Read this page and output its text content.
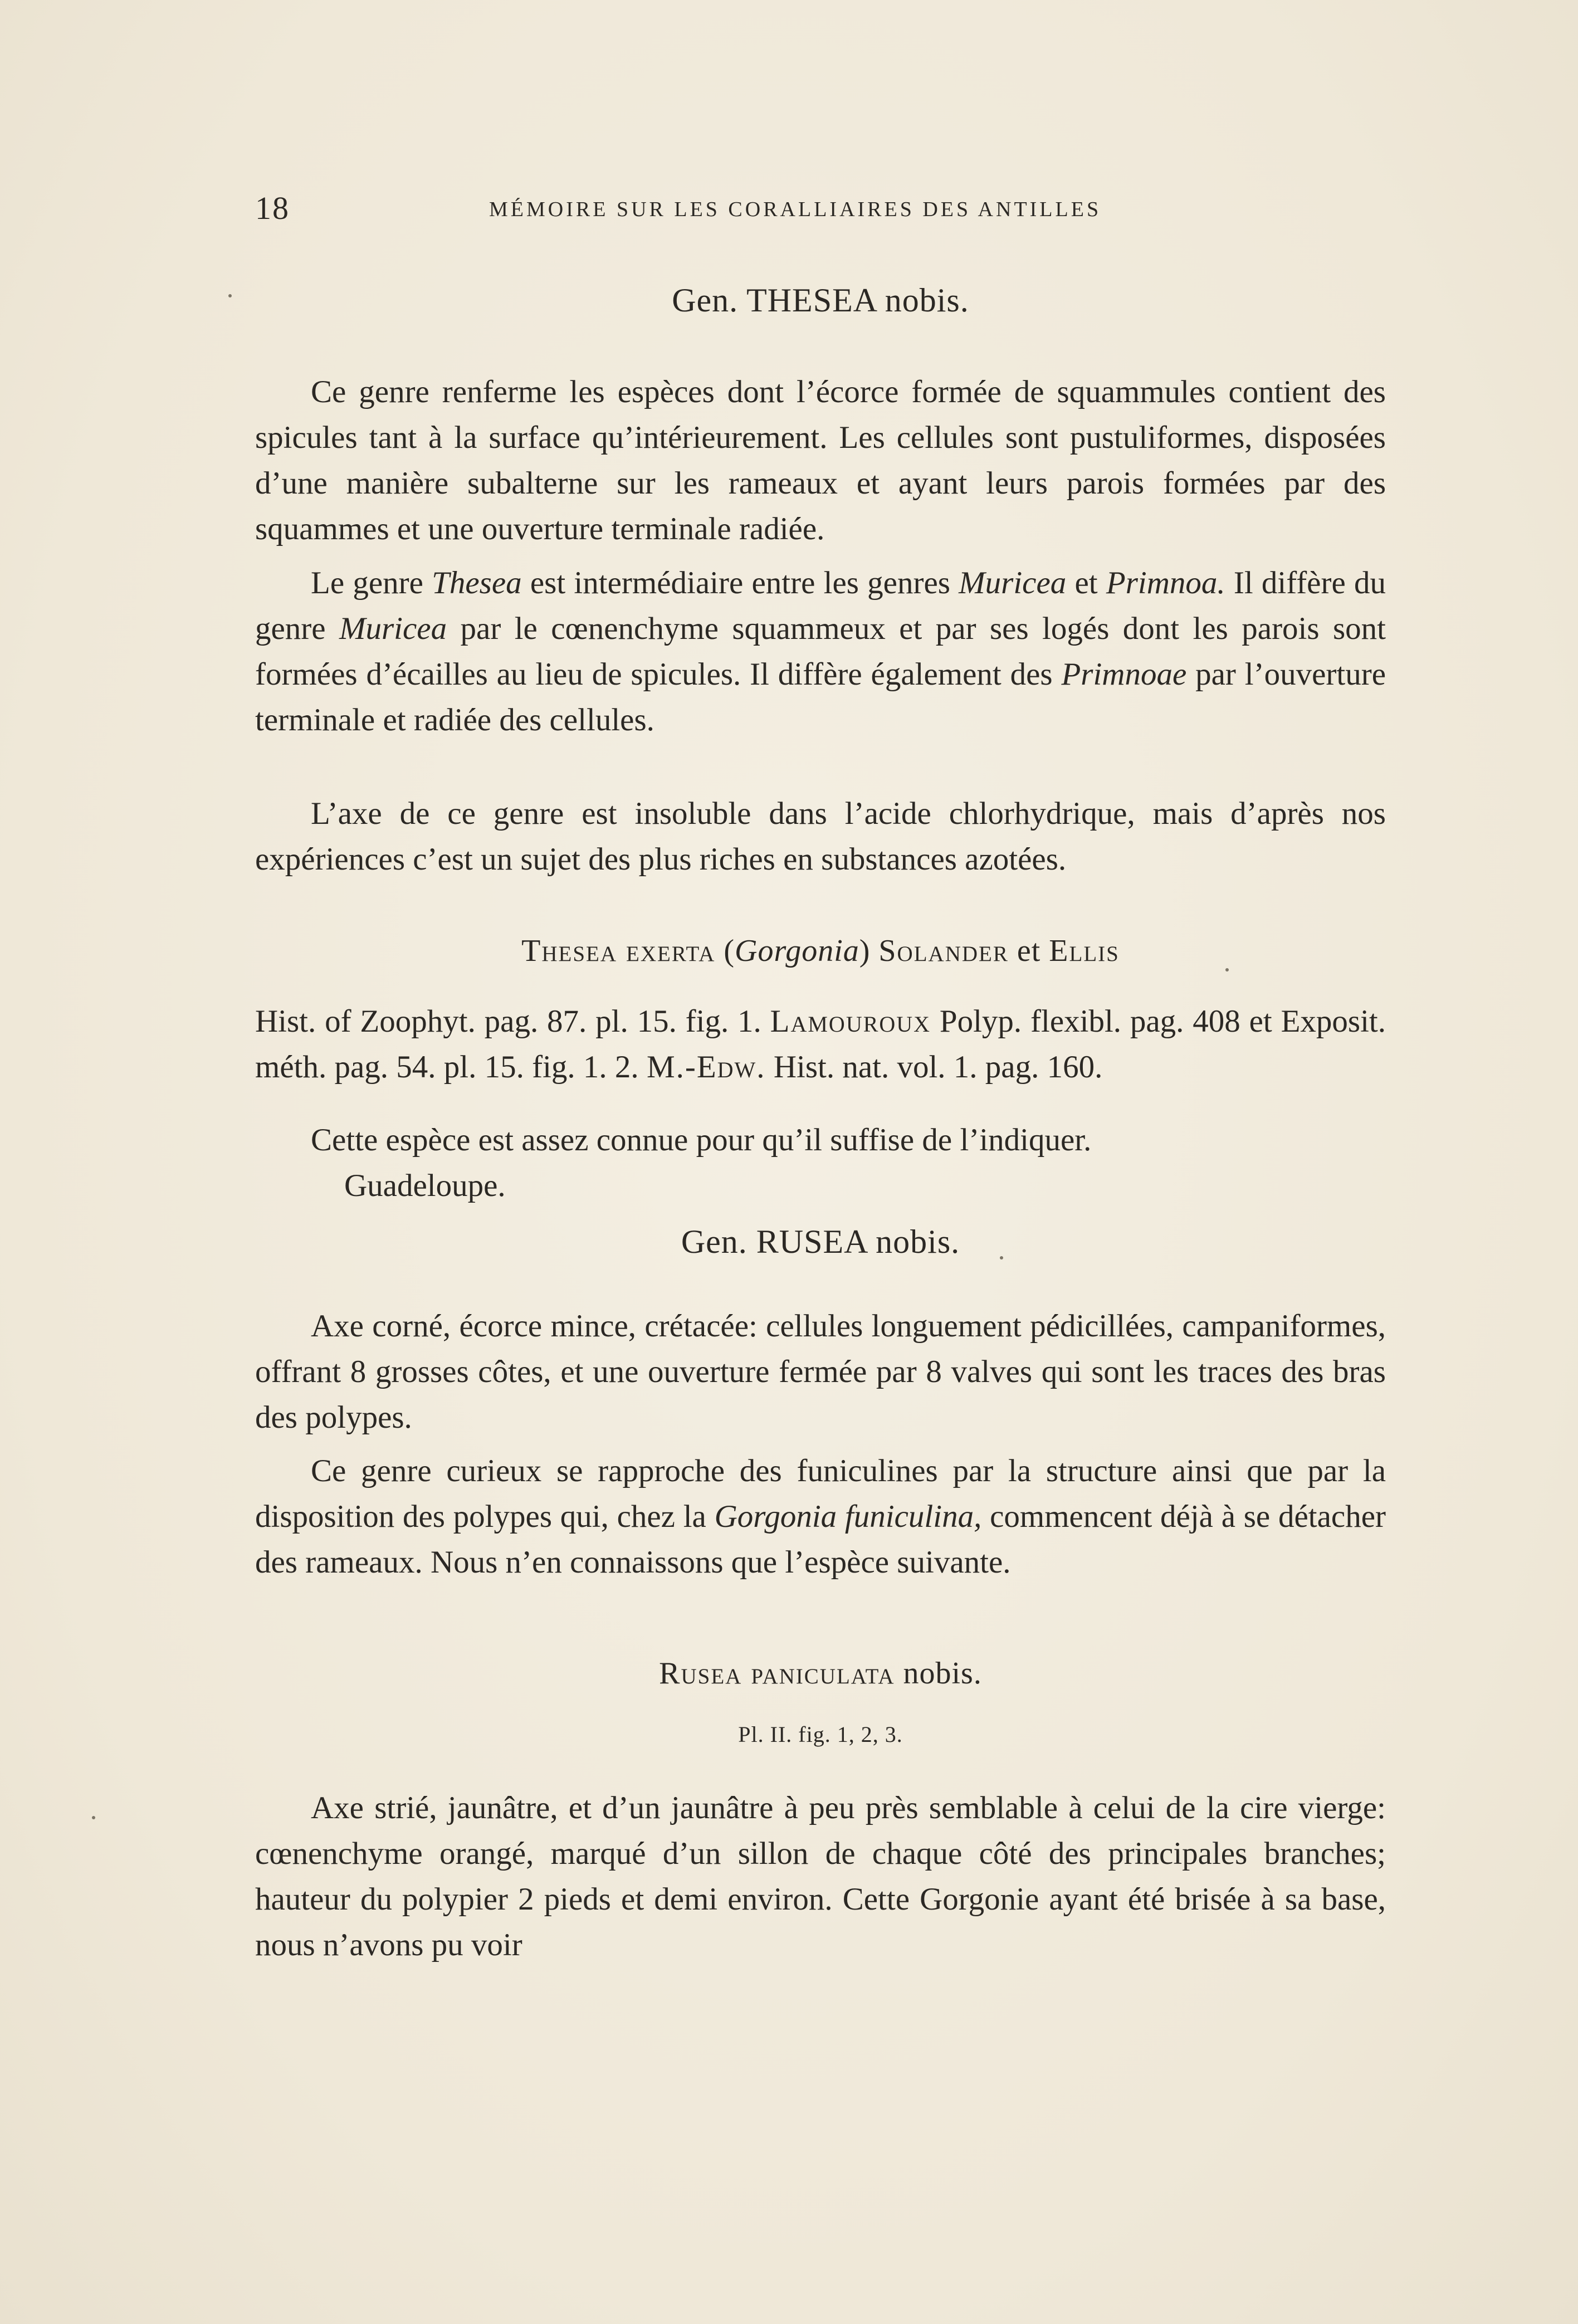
18	MÉMOIRE SUR LES CORALLIAIRES DES ANTILLES
Gen. THESEA nobis.
Ce genre renferme les espèces dont l’écorce formée de squammules contient des spicules tant à la surface qu’intérieurement. Les cellules sont pustuliformes, disposées d’une manière subalterne sur les rameaux et ayant leurs parois formées par des squammes et une ouverture terminale radiée.
Le genre Thesea est intermédiaire entre les genres Muricea et Primnoa. Il diffère du genre Muricea par le cœnenchyme squammeux et par ses logés dont les parois sont formées d’écailles au lieu de spicules. Il diffère également des Primnoae par l’ouverture terminale et radiée des cellules.
L’axe de ce genre est insoluble dans l’acide chlorhydrique, mais d’après nos expériences c’est un sujet des plus riches en substances azotées.
Thesea exerta (Gorgonia) Solander et Ellis
Hist. of Zoophyt. pag. 87. pl. 15. fig. 1. Lamouroux Polyp. flexibl. pag. 408 et Exposit. méth. pag. 54. pl. 15. fig. 1. 2. M.-Edw. Hist. nat. vol. 1. pag. 160.
Cette espèce est assez connue pour qu’il suffise de l’indiquer.
Guadeloupe.
Gen. RUSEA nobis.
Axe corné, écorce mince, crétacée: cellules longuement pédicillées, campaniformes, offrant 8 grosses côtes, et une ouverture fermée par 8 valves qui sont les traces des bras des polypes.
Ce genre curieux se rapproche des funiculines par la structure ainsi que par la disposition des polypes qui, chez la Gorgonia funiculina, commencent déjà à se détacher des rameaux. Nous n’en connaissons que l’espèce suivante.
Rusea paniculata nobis.
Pl. II. fig. 1, 2, 3.
Axe strié, jaunâtre, et d’un jaunâtre à peu près semblable à celui de la cire vierge: cœnenchyme orangé, marqué d’un sillon de chaque côté des principales branches; hauteur du polypier 2 pieds et demi environ. Cette Gorgonie ayant été brisée à sa base, nous n’avons pu voir
